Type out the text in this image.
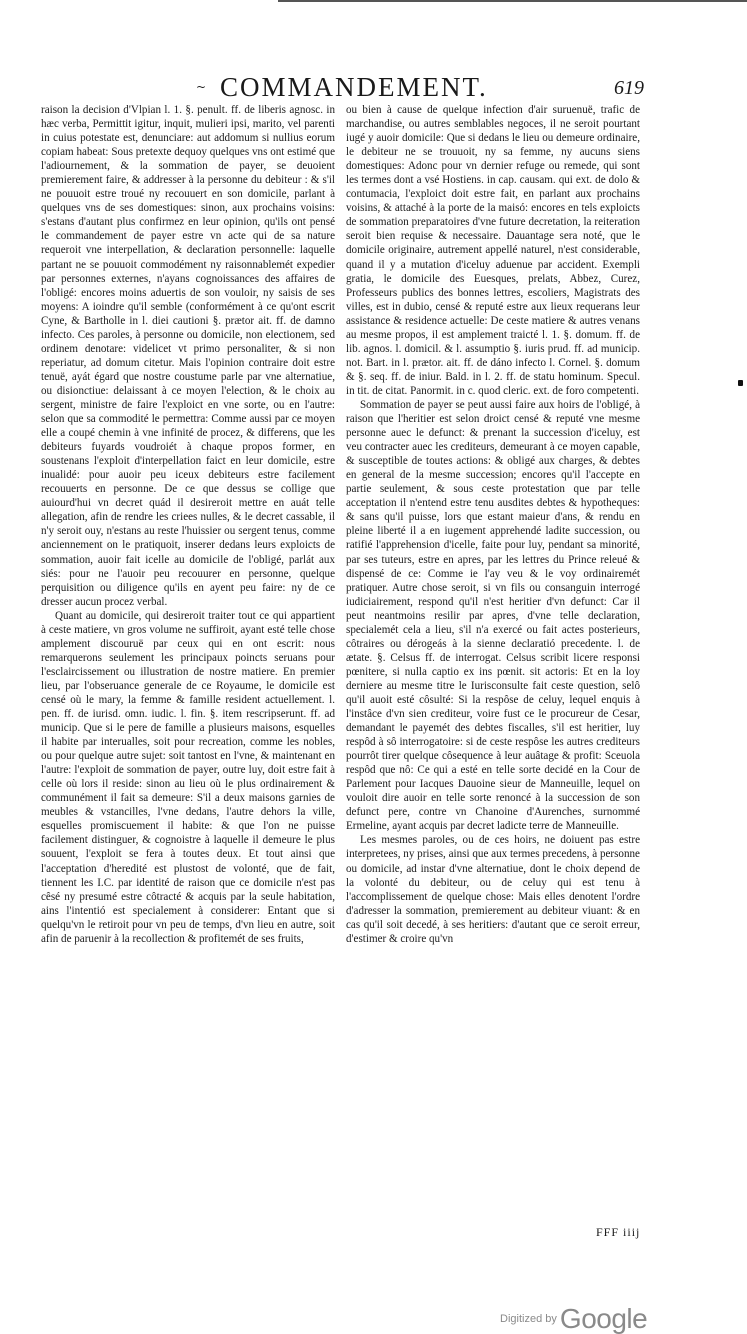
~ COMMANDEMENT.	619

raison la decision d'Vlpian l. 1. §. penult. ff. de liberis agnosc. in hæc verba, Permittit igitur, inquit, mulieri ipsi, marito, vel parenti in cuius potestate est, denunciare: aut addomum si nullius eorum copiam habeat: Sous pretexte dequoy quelques vns ont estimé que l'adiournement, & la sommation de payer, se deuoient premierement faire, & addresser à la personne du debiteur : & s'il ne pouuoit estre troué ny recouuert en son domicile, parlant à quelques vns de ses domestiques: sinon, aux prochains voisins: s'estans d'autant plus confirmez en leur opinion, qu'ils ont pensé le commandement de payer estre vn acte qui de sa nature requeroit vne interpellation, & declaration personnelle: laquelle partant ne se pouuoit commodément ny raisonnablemét expedier par personnes externes, n'ayans cognoissances des affaires de l'obligé: encores moins aduertis de son vouloir, ny saisis de ses moyens: A ioindre qu'il semble (conformément à ce qu'ont escrit Cyne, & Bartholle in l. diei cautioni §. prætor ait. ff. de damno infecto. Ces paroles, à personne ou domicile, non electionem, sed ordinem denotare: videlicet vt primo personaliter, & si non reperiatur, ad domum citetur. Mais l'opinion contraire doit estre tenuë, ayát égard que nostre coustume parle par vne alternatiue, ou disionctiue: delaissant à ce moyen l'election, & le choix au sergent, ministre de faire l'exploict en vne sorte, ou en l'autre: selon que sa commodité le permettra: Comme aussi par ce moyen elle a coupé chemin à vne infinité de procez, & differens, que les debiteurs fuyards voudroiét à chaque propos former, en soustenans l'exploit d'interpellation faict en leur domicile, estre inualidé: pour auoir peu iceux debiteurs estre facilement recouuerts en personne. De ce que dessus se collige que auiourd'hui vn decret quád il desireroit mettre en auát telle allegation, afin de rendre les criees nulles, & le decret cassable, il n'y seroit ouy, n'estans au reste l'huissier ou sergent tenus, comme anciennement on le pratiquoit, inserer dedans leurs exploicts de sommation, auoir fait icelle au domicile de l'obligé, parlát aux siés: pour ne l'auoir peu recouurer en personne, quelque perquisition ou diligence qu'ils en ayent peu faire: ny de ce dresser aucun procez verbal.

Quant au domicile, qui desireroit traiter tout ce qui appartient à ceste matiere, vn gros volume ne suffiroit, ayant esté telle chose amplement discouruë par ceux qui en ont escrit: nous remarquerons seulement les principaux poincts seruans pour l'esclaircissement ou illustration de nostre matiere. En premier lieu, par l'obseruance generale de ce Royaume, le domicile est censé où le mary, la femme & famille resident actuellement. l. pen. ff. de iurisd. omn. iudic. l. fin. §. item rescripserunt. ff. ad municip. Que si le pere de famille a plusieurs maisons, esquelles il habite par interualles, soit pour recreation, comme les nobles, ou pour quelque autre sujet: soit tantost en l'vne, & maintenant en l'autre: l'exploit de sommation de payer, outre luy, doit estre fait à celle où lors il reside: sinon au lieu où le plus ordinairement & communément il fait sa demeure: S'il a deux maisons garnies de meubles & vstancilles, l'vne dedans, l'autre dehors la ville, esquelles promiscuement il habite: & que l'on ne puisse facilement distinguer, & cognoistre à laquelle il demeure le plus souuent, l'exploit se fera à toutes deux. Et tout ainsi que l'acceptation d'heredité est plustost de volonté, que de fait, tiennent les I.C. par identité de raison que ce domicile n'est pas cêsé ny presumé estre côtracté & acquis par la seule habitation, ains l'intentió est specialement à considerer: Entant que si quelqu'vn le retiroit pour vn peu de temps, d'vn lieu en autre, soit afin de paruenir à la recollection & profitemét de ses fruits,

ou bien à cause de quelque infection d'air suruenuë, trafic de marchandise, ou autres semblables negoces, il ne seroit pourtant iugé y auoir domicile: Que si dedans le lieu ou demeure ordinaire, le debiteur ne se trouuoit, ny sa femme, ny aucuns siens domestiques: Adonc pour vn dernier refuge ou remede, qui sont les termes dont a vsé Hostiens. in cap. causam. qui ext. de dolo & contumacia, l'exploict doit estre fait, en parlant aux prochains voisins, & attaché à la porte de la maisó: encores en tels exploicts de sommation preparatoires d'vne future decretation, la reiteration seroit bien requise & necessaire. Dauantage sera noté, que le domicile originaire, autrement appellé naturel, n'est considerable, quand il y a mutation d'iceluy aduenue par accident. Exempli gratia, le domicile des Euesques, prelats, Abbez, Curez, Professeurs publics des bonnes lettres, escoliers, Magistrats des villes, est in dubio, censé & reputé estre aux lieux requerans leur assistance & residence actuelle: De ceste matiere & autres venans au mesme propos, il est amplement traicté l. 1. §. domum. ff. de lib. agnos. l. domicil. & l. assumptio §. iuris prud. ff. ad municip. not. Bart. in l. prætor. ait. ff. de dáno infecto l. Cornel. §. domum & §. seq. ff. de iniur. Bald. in l. 2. ff. de statu hominum. Specul. in tit. de citat. Panormit. in c. quod cleric. ext. de foro competenti.

Sommation de payer se peut aussi faire aux hoirs de l'obligé, à raison que l'heritier est selon droict censé & reputé vne mesme personne auec le defunct: & prenant la succession d'iceluy, est veu contracter auec les crediteurs, demeurant à ce moyen capable, & susceptible de toutes actions: & obligé aux charges, & debtes en general de la mesme succession; encores qu'il l'accepte en partie seulement, & sous ceste protestation que par telle acceptation il n'entend estre tenu ausdites debtes & hypotheques: & sans qu'il puisse, lors que estant maieur d'ans, & rendu en pleine liberté il a en iugement apprehendé ladite succession, ou ratifié l'apprehension d'icelle, faite pour luy, pendant sa minorité, par ses tuteurs, estre en apres, par les lettres du Prince releué & dispensé de ce: Comme ie l'ay veu & le voy ordinairemét pratiquer. Autre chose seroit, si vn fils ou consanguin interrogé iudiciairement, respond qu'il n'est heritier d'vn defunct: Car il peut neantmoins resilir par apres, d'vne telle declaration, specialemét cela a lieu, s'il n'a exercé ou fait actes posterieurs, côtraires ou dérogeás à la sienne declaratió precedente. l. de ætate. §. Celsus ff. de interrogat. Celsus scribit licere responsi pœnitere, si nulla captio ex ins pœnit. sit actoris: Et en la loy derniere au mesme titre le Iurisconsulte fait ceste question, selô qu'il auoit esté côsulté: Si la respôse de celuy, lequel enquis à l'instâce d'vn sien crediteur, voire fust ce le procureur de Cesar, demandant le payemét des debtes fiscalles, s'il est heritier, luy respôd à sô interrogatoire: si de ceste respôse les autres crediteurs pourrôt tirer quelque côsequence à leur auâtage & profit: Sceuola respôd que nô: Ce qui a esté en telle sorte decidé en la Cour de Parlement pour Iacques Dauoine sieur de Manneuille, lequel on vouloit dire auoir en telle sorte renoncé à la succession de son defunct pere, contre vn Chanoine d'Aurenches, surnommé Ermeline, ayant acquis par decret ladicte terre de Manneuille.

Les mesmes paroles, ou de ces hoirs, ne doiuent pas estre interpretees, ny prises, ainsi que aux termes precedens, à personne ou domicile, ad instar d'vne alternatiue, dont le choix depend de la volonté du debiteur, ou de celuy qui est tenu à l'accomplissement de quelque chose: Mais elles denotent l'ordre d'adresser la sommation, premierement au debiteur viuant: & en cas qu'il soit decedé, à ses heritiers: d'autant que ce seroit erreur, d'estimer & croire qu'vn

FFF iiij
Digitized by Google
